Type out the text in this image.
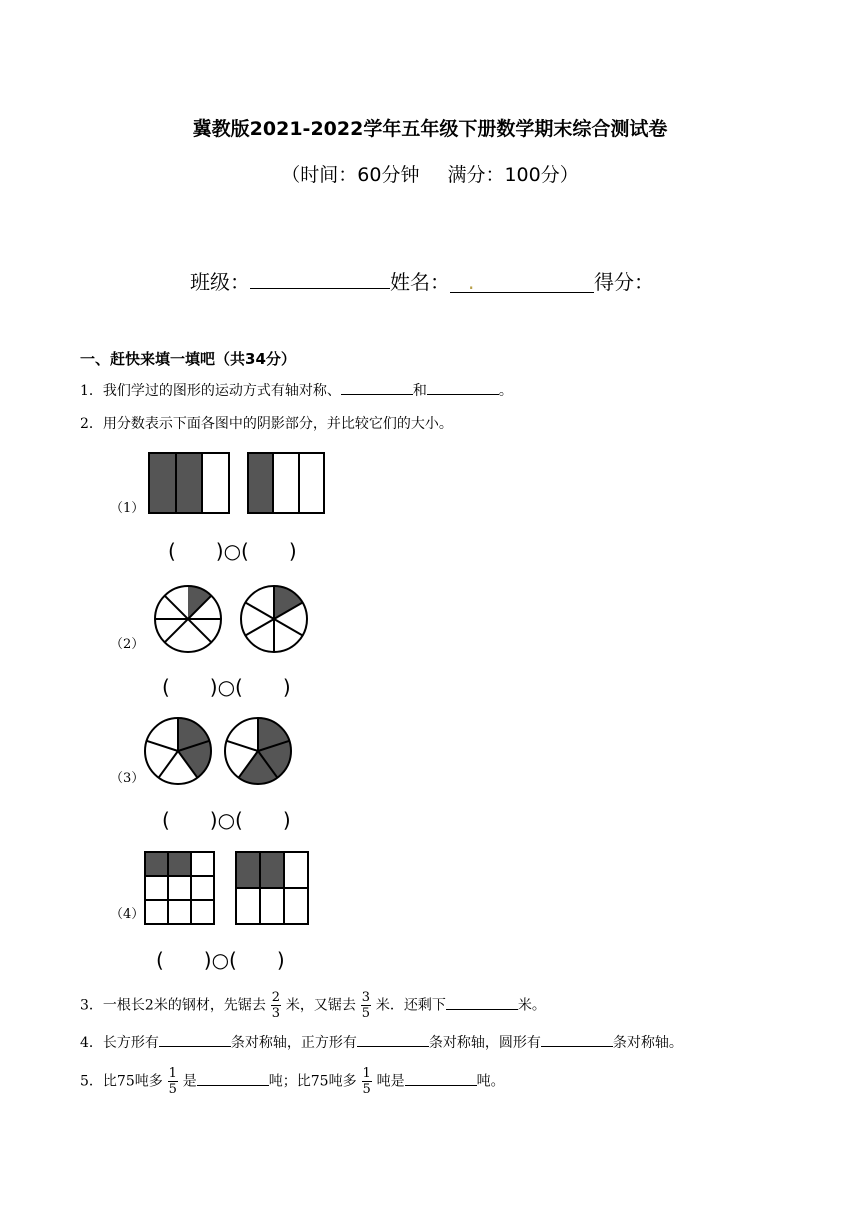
冀教版2021-2022学年五年级下册数学期末综合测试卷
（时间：60分钟 满分：100分）
班级：	姓名： .	得分：
一、赶快来填一填吧（共34分）
1．我们学过的图形的运动方式有轴对称、	和	。
2．用分数表示下面各图中的阴影部分，并比较它们的大小。
（1）
(　　)○(　　)
（2）
(　　)○(　　)
（3）
(　　)○(　　)
（4）
(　　)○(　　)
3．一根长2米的钢材，先锯去 $\frac{2}{3}$ 米，又锯去 $\frac{3}{5}$ 米．还剩下	米。
4．长方形有	条对称轴，正方形有	条对称轴，圆形有	条对称轴。
5．比75吨多 $\frac{1}{5}$ 是	吨；比75吨多 $\frac{1}{5}$ 吨是	吨。
